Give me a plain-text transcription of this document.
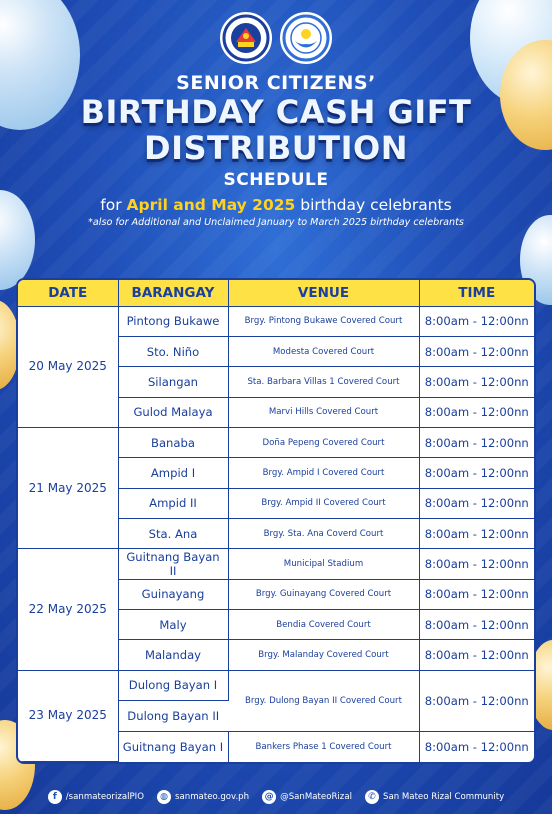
SENIOR CITIZENS’
BIRTHDAY CASH GIFT
DISTRIBUTION
SCHEDULE
for April and May 2025 birthday celebrants
*also for Additional and Unclaimed January to March 2025 birthday celebrants
DATE	BARANGAY	VENUE	TIME
20 May 2025	Pintong Bukawe	Brgy. Pintong Bukawe Covered Court	8:00am - 12:00nn
	Sto. Niño	Modesta Covered Court	8:00am - 12:00nn
	Silangan	Sta. Barbara Villas 1 Covered Court	8:00am - 12:00nn
	Gulod Malaya	Marvi Hills Covered Court	8:00am - 12:00nn
21 May 2025	Banaba	Doña Pepeng Covered Court	8:00am - 12:00nn
	Ampid I	Brgy. Ampid I Covered Court	8:00am - 12:00nn
	Ampid II	Brgy. Ampid II Covered Court	8:00am - 12:00nn
	Sta. Ana	Brgy. Sta. Ana Coverd Court	8:00am - 12:00nn
22 May 2025	Guitnang Bayan II	Municipal Stadium	8:00am - 12:00nn
	Guinayang	Brgy. Guinayang Covered Court	8:00am - 12:00nn
	Maly	Bendia Covered Court	8:00am - 12:00nn
	Malanday	Brgy. Malanday Covered Court	8:00am - 12:00nn
23 May 2025	Dulong Bayan I	Brgy. Dulong Bayan II Covered Court	8:00am - 12:00nn
	Dulong Bayan II		
	Guitnang Bayan I	Bankers Phase 1 Covered Court	8:00am - 12:00nn
f	/sanmateorizalPIO	◍ sanmateo.gov.ph @ @SanMateoRizal	✆ San Mateo Rizal Community
